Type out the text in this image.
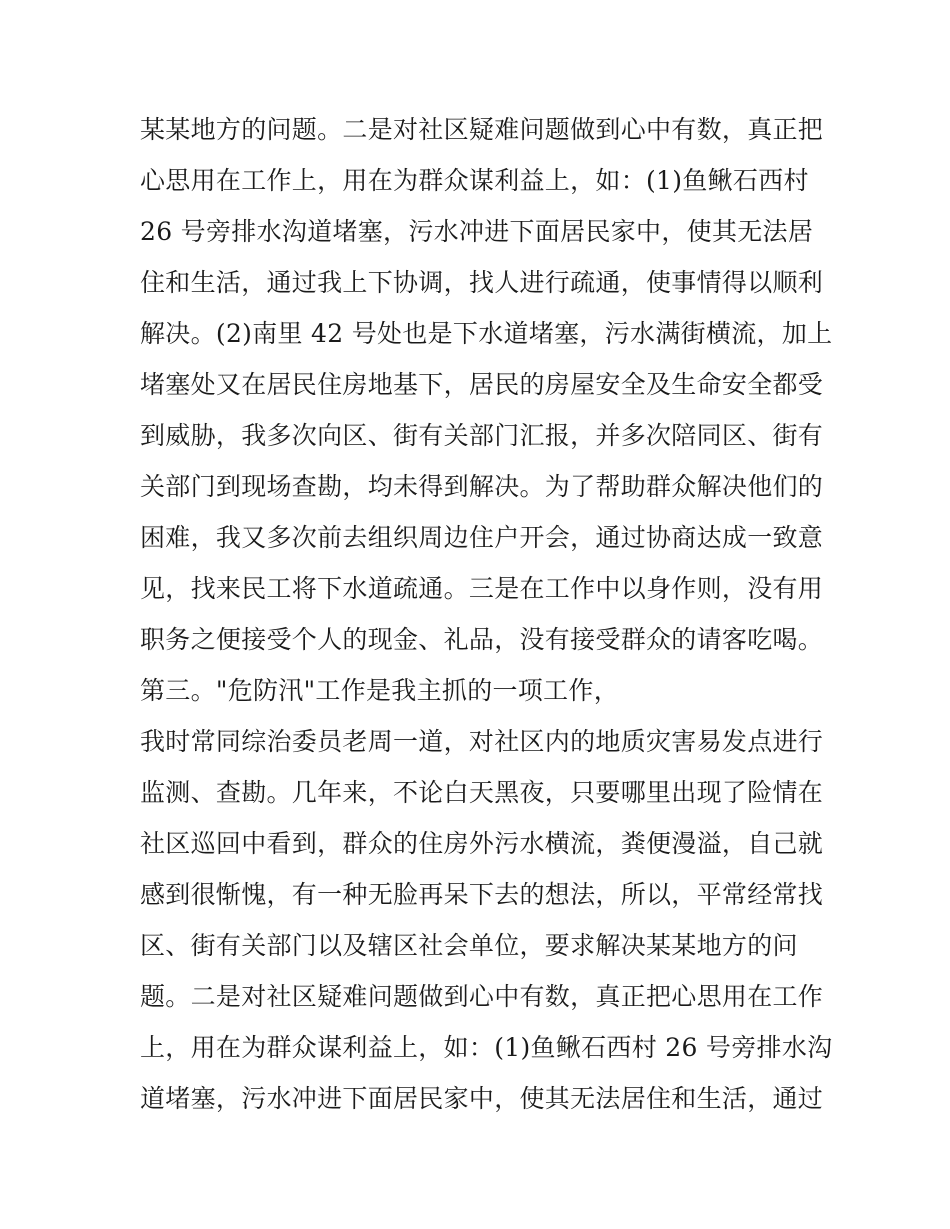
某某地方的问题。二是对社区疑难问题做到心中有数，真正把
心思用在工作上，用在为群众谋利益上，如：(1)鱼鳅石西村
26 号旁排水沟道堵塞，污水冲进下面居民家中，使其无法居
住和生活，通过我上下协调，找人进行疏通，使事情得以顺利
解决。(2)南里 42 号处也是下水道堵塞，污水满街横流，加上
堵塞处又在居民住房地基下，居民的房屋安全及生命安全都受
到威胁，我多次向区、街有关部门汇报，并多次陪同区、街有
关部门到现场查勘，均未得到解决。为了帮助群众解决他们的
困难，我又多次前去组织周边住户开会，通过协商达成一致意
见，找来民工将下水道疏通。三是在工作中以身作则，没有用
职务之便接受个人的现金、礼品，没有接受群众的请客吃喝。
第三。"危防汛"工作是我主抓的一项工作，
我时常同综治委员老周一道，对社区内的地质灾害易发点进行
监测、查勘。几年来，不论白天黑夜，只要哪里出现了险情在
社区巡回中看到，群众的住房外污水横流，粪便漫溢，自己就
感到很惭愧，有一种无脸再呆下去的想法，所以，平常经常找
区、街有关部门以及辖区社会单位，要求解决某某地方的问
题。二是对社区疑难问题做到心中有数，真正把心思用在工作
上，用在为群众谋利益上，如：(1)鱼鳅石西村 26 号旁排水沟
道堵塞，污水冲进下面居民家中，使其无法居住和生活，通过
